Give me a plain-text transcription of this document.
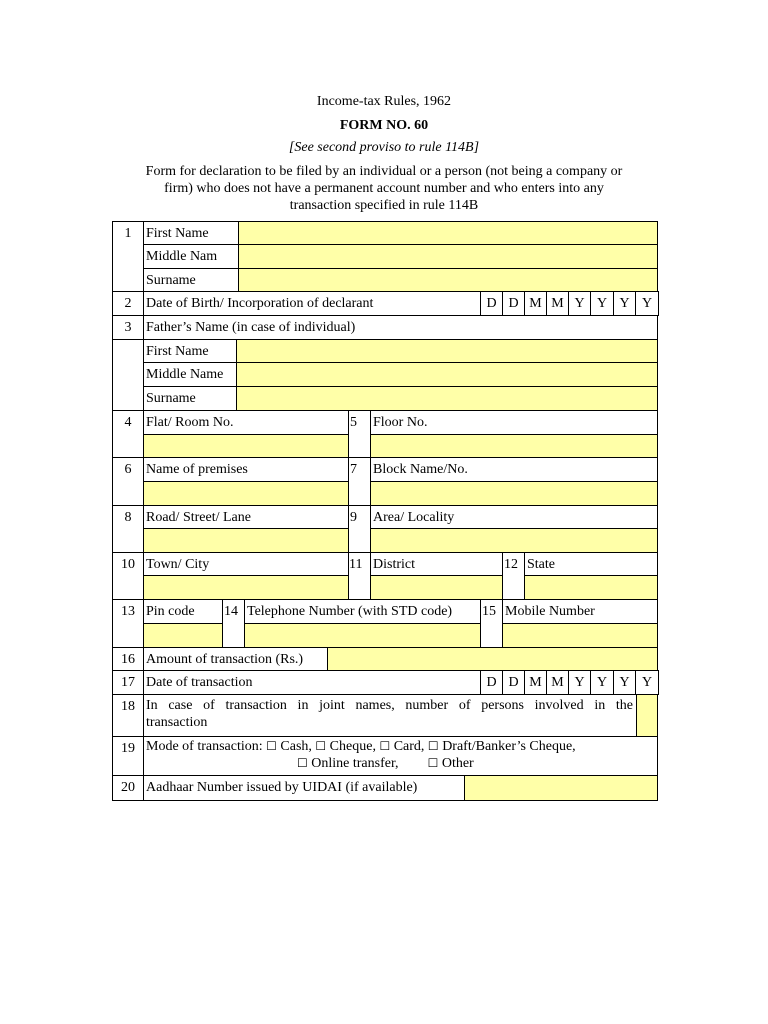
Income-tax Rules, 1962
FORM NO. 60
[See second proviso to rule 114B]
Form for declaration to be filed by an individual or a person (not being a company or
firm) who does not have a permanent account number and who enters into any
transaction specified in rule 114B
1	First Name
Middle Nam
Surname
2	Date of Birth/ Incorporation of declarant	D D M M Y Y Y Y
3	Father’s Name (in case of individual)
First Name
Middle Name
Surname
4	Flat/ Room No.	5	Floor No.
6	Name of premises	7	Block Name/No.
8	Road/ Street/ Lane	9	Area/ Locality
10 Town/ City	11 District	12 State
13 Pin code	14 Telephone Number (with STD code)	15 Mobile Number
16 Amount of transaction (Rs.)
17 Date of transaction	D D M M Y Y Y Y
18 In case of transaction in joint names, number of persons involved in the
transaction
19 Mode of transaction: ☐ Cash, ☐ Cheque, ☐ Card, ☐ Draft/Banker’s Cheque,
☐ Online transfer, ☐ Other
20 Aadhaar Number issued by UIDAI (if available)
